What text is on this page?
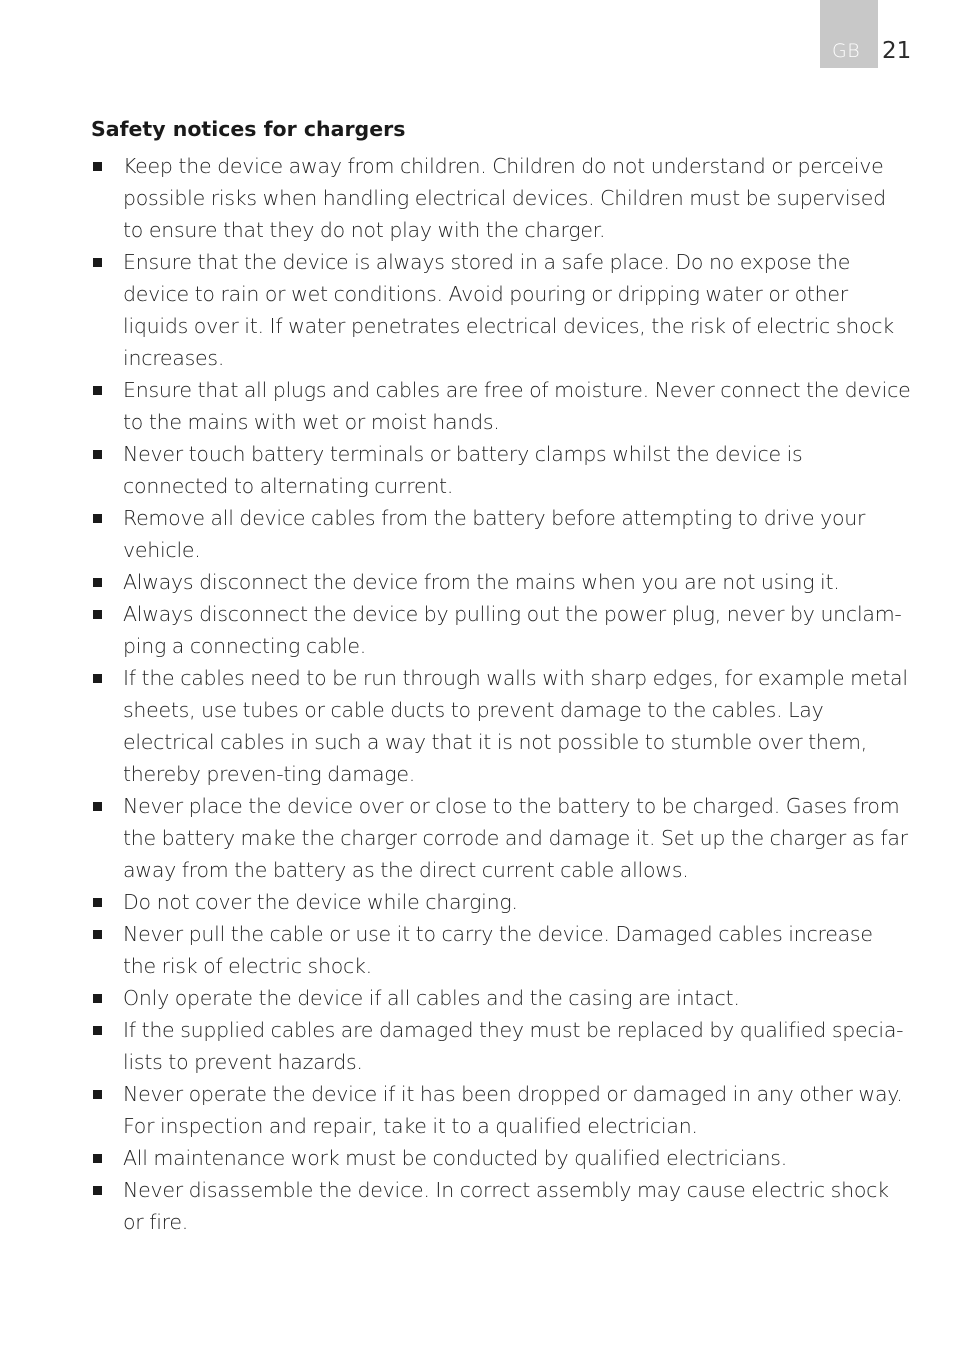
GB 21
Safety notices for chargers
Keep the device away from children. Children do not understand or perceive possible risks when handling electrical devices. Children must be supervised to ensure that they do not play with the charger.
Ensure that the device is always stored in a safe place. Do no expose the device to rain or wet conditions. Avoid pouring or dripping water or other liquids over it. If water penetrates electrical devices, the risk of electric shock increases.
Ensure that all plugs and cables are free of moisture. Never connect the device to the mains with wet or moist hands.
Never touch battery terminals or battery clamps whilst the device is connected to alternating current.
Remove all device cables from the battery before attempting to drive your vehicle.
Always disconnect the device from the mains when you are not using it.
Always disconnect the device by pulling out the power plug, never by unclam-ping a connecting cable.
If the cables need to be run through walls with sharp edges, for example metal sheets, use tubes or cable ducts to prevent damage to the cables. Lay electrical cables in such a way that it is not possible to stumble over them, thereby preven-ting damage.
Never place the device over or close to the battery to be charged. Gases from the battery make the charger corrode and damage it. Set up the charger as far away from the battery as the direct current cable allows.
Do not cover the device while charging.
Never pull the cable or use it to carry the device. Damaged cables increase the risk of electric shock.
Only operate the device if all cables and the casing are intact.
If the supplied cables are damaged they must be replaced by qualified specia-lists to prevent hazards.
Never operate the device if it has been dropped or damaged in any other way. For inspection and repair, take it to a qualified electrician.
All maintenance work must be conducted by qualified electricians.
Never disassemble the device. In correct assembly may cause electric shock or fire.
